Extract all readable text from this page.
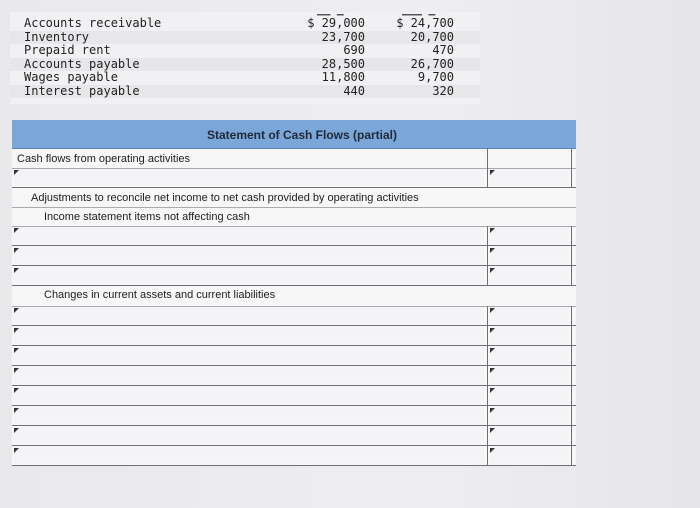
Accounts receivable	$ 29,000	$ 24,700
Inventory	23,700	20,700
Prepaid rent	690	470
Accounts payable	28,500	26,700
Wages payable	11,800	9,700
Interest payable	440	320
Statement of Cash Flows (partial)
Cash flows from operating activities
Adjustments to reconcile net income to net cash provided by operating activities
Income statement items not affecting cash
Changes in current assets and current liabilities
